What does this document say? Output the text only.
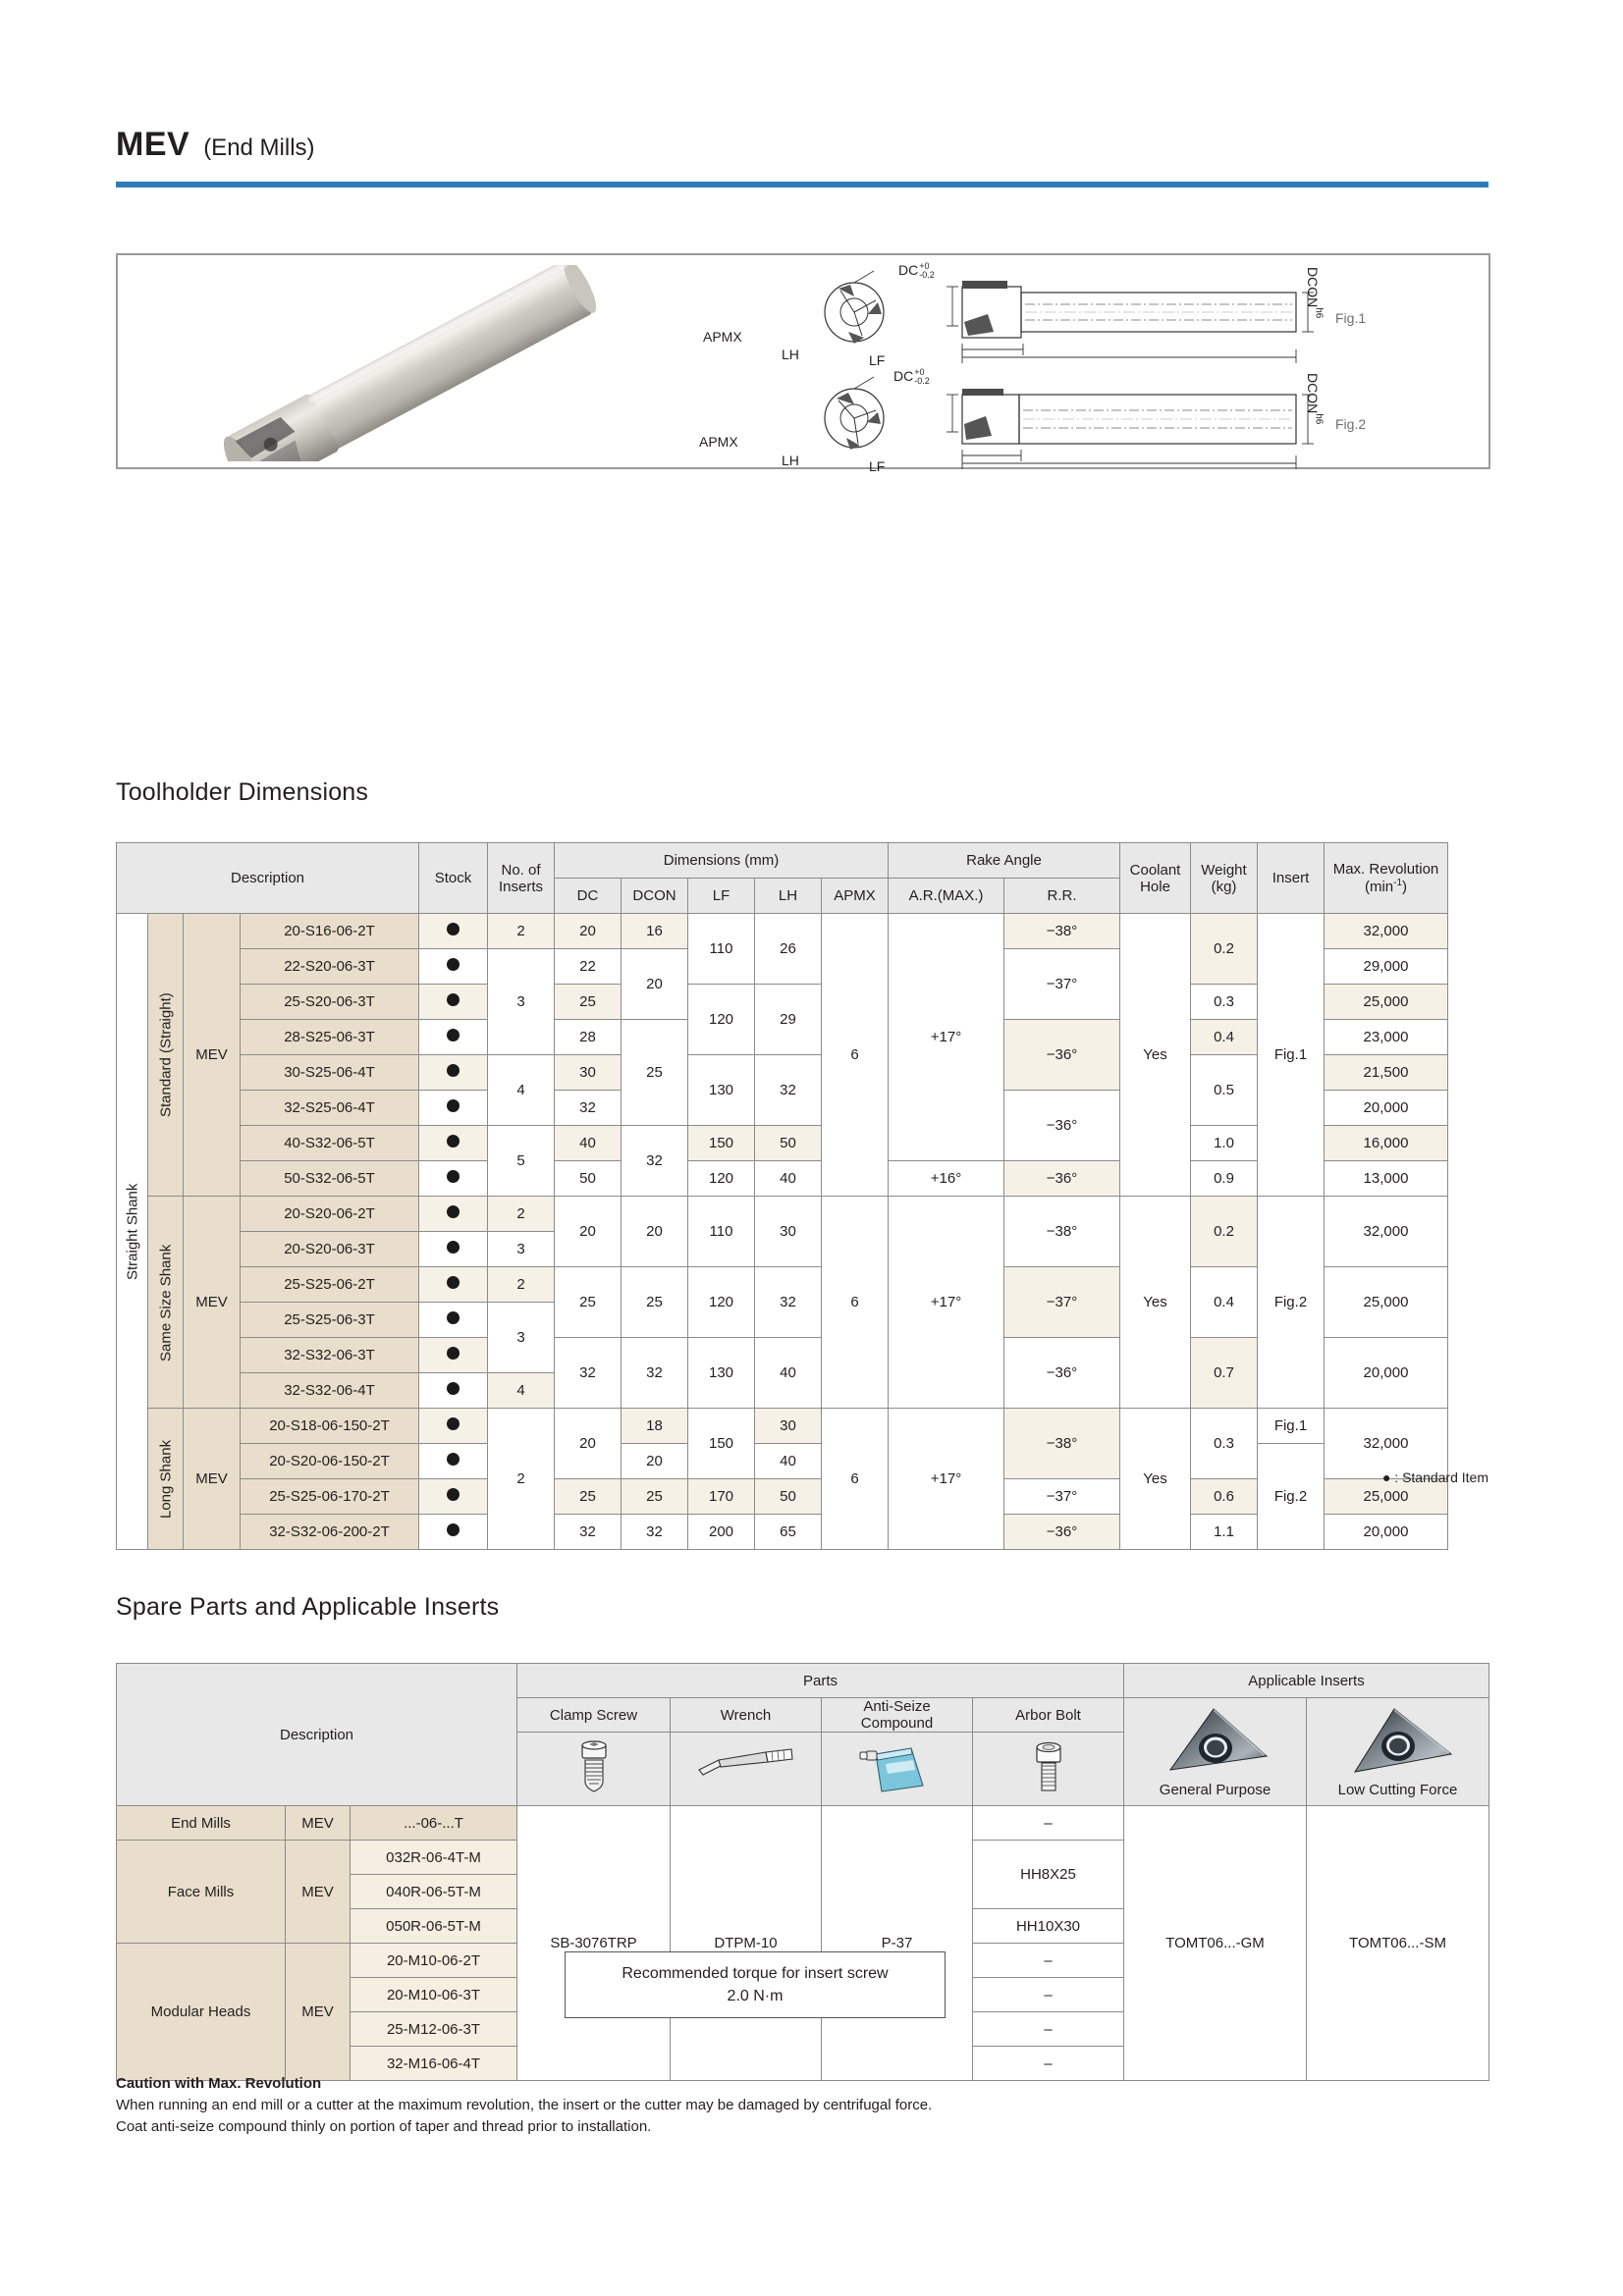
MEV (End Mills)
DC+0
-0.2
APMX
LH	LF
$DCON^{h6}$ Fig.1
DC+0
-0.2
APMX
LH	LF
$DCON^{h6}$ Fig.2
Toolholder Dimensions
Description				Stock	No. of
Inserts	Dimensions (mm)					Rake Angle		Coolant
Hole	Weight
(kg)	Insert	Max. Revolution
$(\min^{-1})$
						DC	DCON	LF	LH	APMX	A.R.(MAX.)	R.R.				
Straight Shank	Standard (Straight)	MEV	20-S16-06-2T		2	20	16	110	26	6	+17°	−38°	Yes	0.2	Fig.1	32,000
			22-S20-06-3T		3	22	20					−37°				29,000
			25-S20-06-3T			25		120	29					0.3		25,000
			28-S25-06-3T			28	25					−36°		0.4		23,000
			30-S25-06-4T		4	30		130	32					0.5		21,500
			32-S25-06-4T			32						−36°				20,000
			40-S32-06-5T		5	40	32	150	50					1.0		16,000
			50-S32-06-5T			50		120	40		+16°	−36°		0.9		13,000
	Same Size Shank	MEV	20-S20-06-2T		2	20	20	110	30	6	+17°	−38°	Yes	0.2	Fig.2	32,000
			20-S20-06-3T		3											
			25-S25-06-2T		2	25	25	120	32			−37°		0.4		25,000
			25-S25-06-3T		3											
			32-S32-06-3T			32	32	130	40			−36°		0.7		20,000
			32-S32-06-4T		4											
	Long Shank	MEV	20-S18-06-150-2T		2	20	18	150	30	6	+17°	−38°	Yes	0.3	Fig.1	32,000
			20-S20-06-150-2T				20		40						Fig.2	
			25-S25-06-170-2T			25	25	170	50			−37°		0.6		25,000
			32-S32-06-200-2T			32	32	200	65			−36°		1.1		20,000
● : Standard Item
Spare Parts and Applicable Inserts
Description			Parts				Applicable Inserts	
			Clamp Screw	Wrench	Anti-Seize
Compound	Arbor Bolt	General Purpose	Low Cutting Force

End Mills	MEV	...-06-...T	SB-3076TRP	DTPM-10	P-37	–	TOMT06...-GM	TOMT06...-SM
Face Mills	MEV	032R-06-4T-M				HH8X25		
		040R-06-5T-M						
		050R-06-5T-M				HH10X30		
Modular Heads	MEV	20-M10-06-2T				–		
		20-M10-06-3T				–		
		25-M12-06-3T				–		
		32-M16-06-4T				–		
Recommended torque for insert screw
2.0 N·m
Caution with Max. Revolution
When running an end mill or a cutter at the maximum revolution, the insert or the cutter may be damaged by centrifugal force.
Coat anti-seize compound thinly on portion of taper and thread prior to installation.
